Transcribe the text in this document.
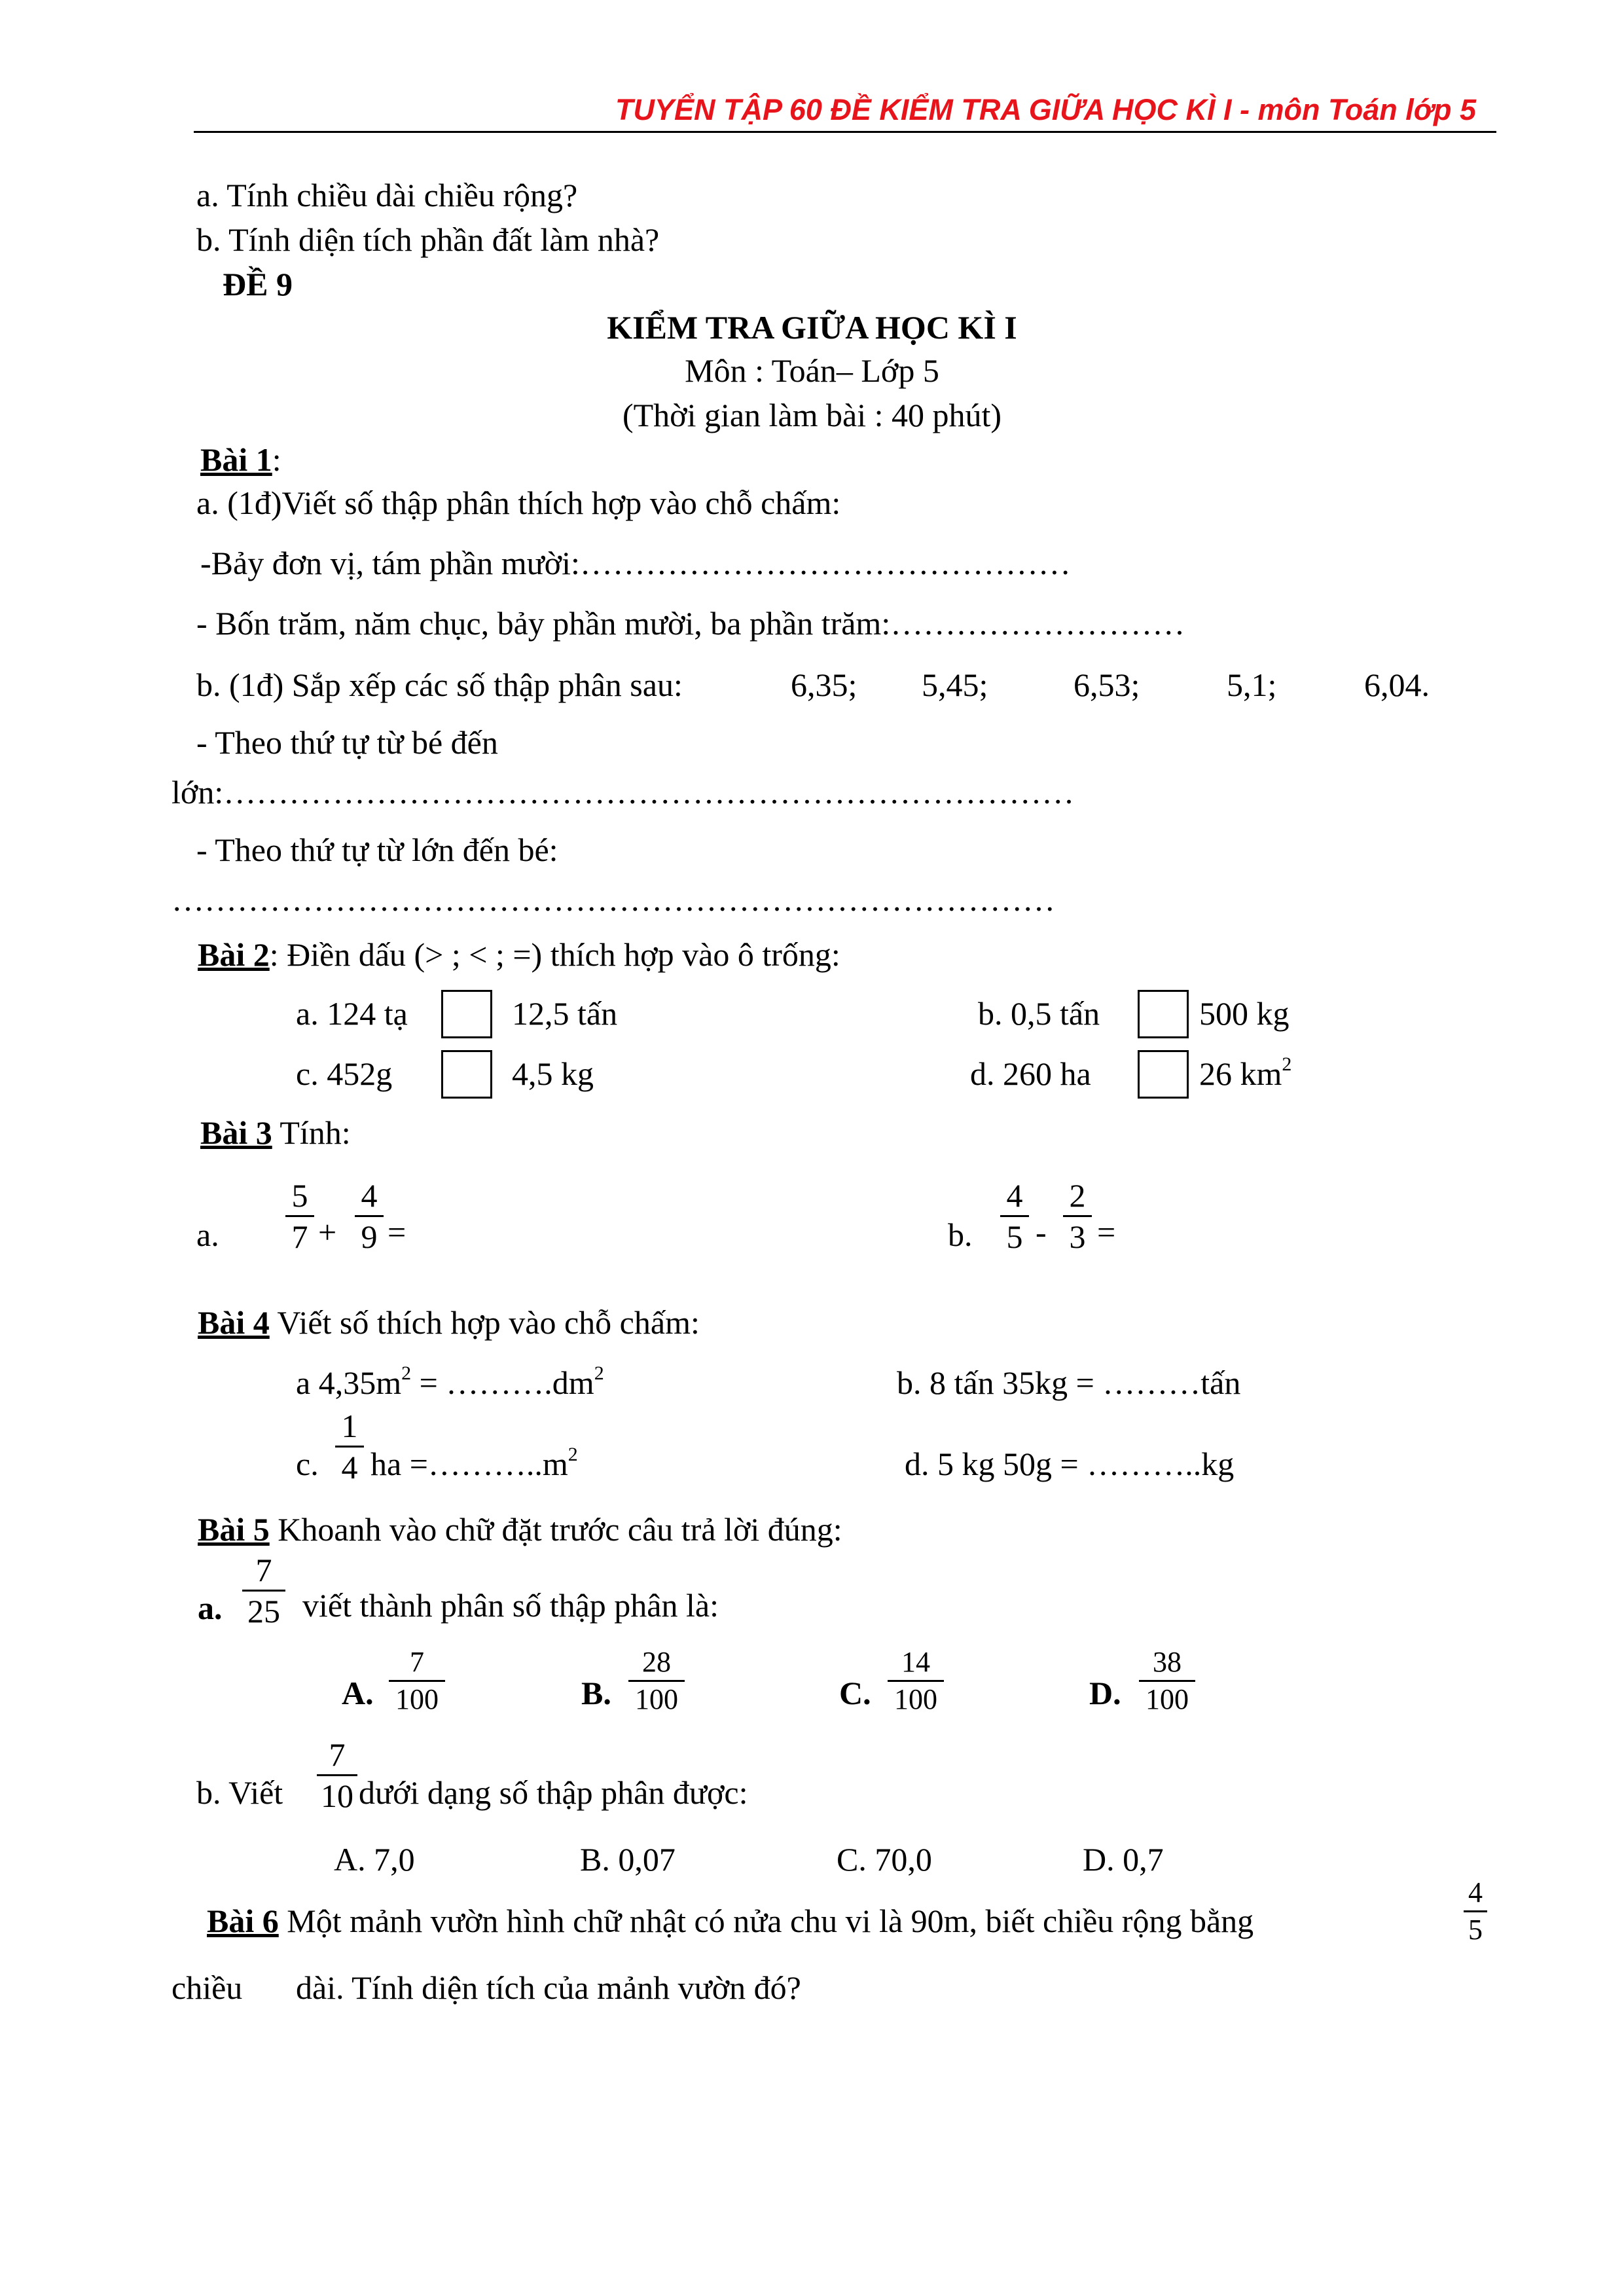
TUYỂN TẬP 60 ĐỀ KIỂM TRA GIỮA HỌC KÌ I - môn Toán lớp 5
a. Tính chiều dài chiều rộng?
b. Tính diện tích phần đất làm nhà?
ĐỀ 9
KIỂM TRA GIỮA HỌC KÌ I
Môn : Toán– Lớp 5
(Thời gian làm bài : 40 phút)
Bài 1:
a. (1đ)Viết số thập phân thích hợp vào chỗ chấm:
-Bảy đơn vị, tám phần mười:………………………………………
- Bốn trăm, năm chục, bảy phần mười, ba phần trăm:………………………
b. (1đ) Sắp xếp các số thập phân sau:	6,35; 5,45;	6,53;	5,1;	6,04.
- Theo thứ tự từ bé đến
lớn:……………………………………………………………………
- Theo thứ tự từ lớn đến bé:
………………………………………………………………………
Bài 2: Điền dấu (> ; < ; =) thích hợp vào ô trống:
a. 124 tạ	12,5 tấn	b. 0,5 tấn	500 kg
c. 452g	4,5 kg	d. 260 ha	26 $km^2$
Bài 3 Tính:
a.
5
7 +
4
9 =	b.
4
5 -
2
3 =
Bài 4 Viết số thích hợp vào chỗ chấm:
a $4,35m^2$ = $\dots\dots\dots.dm^2$	b. 8 tấn 35kg = ………tấn
c.
1
4 ha $=\dots\dots\dots..m^2$	d. 5 kg 50g = ………..kg
Bài 5 Khoanh vào chữ đặt trước câu trả lời đúng:
a.
7
25 viết thành phân số thập phân là:
A.
7
100	B.
28
100	C.
14
100	D.
38
100
b. Viết
7
10 dưới dạng số thập phân được:
A. 7,0	B. 0,07	C. 70,0	D. 0,7
Bài 6 Một mảnh vườn hình chữ nhật có nửa chu vi là 90m, biết chiều rộng bằng
4
5
chiều dài. Tính diện tích của mảnh vườn đó?
